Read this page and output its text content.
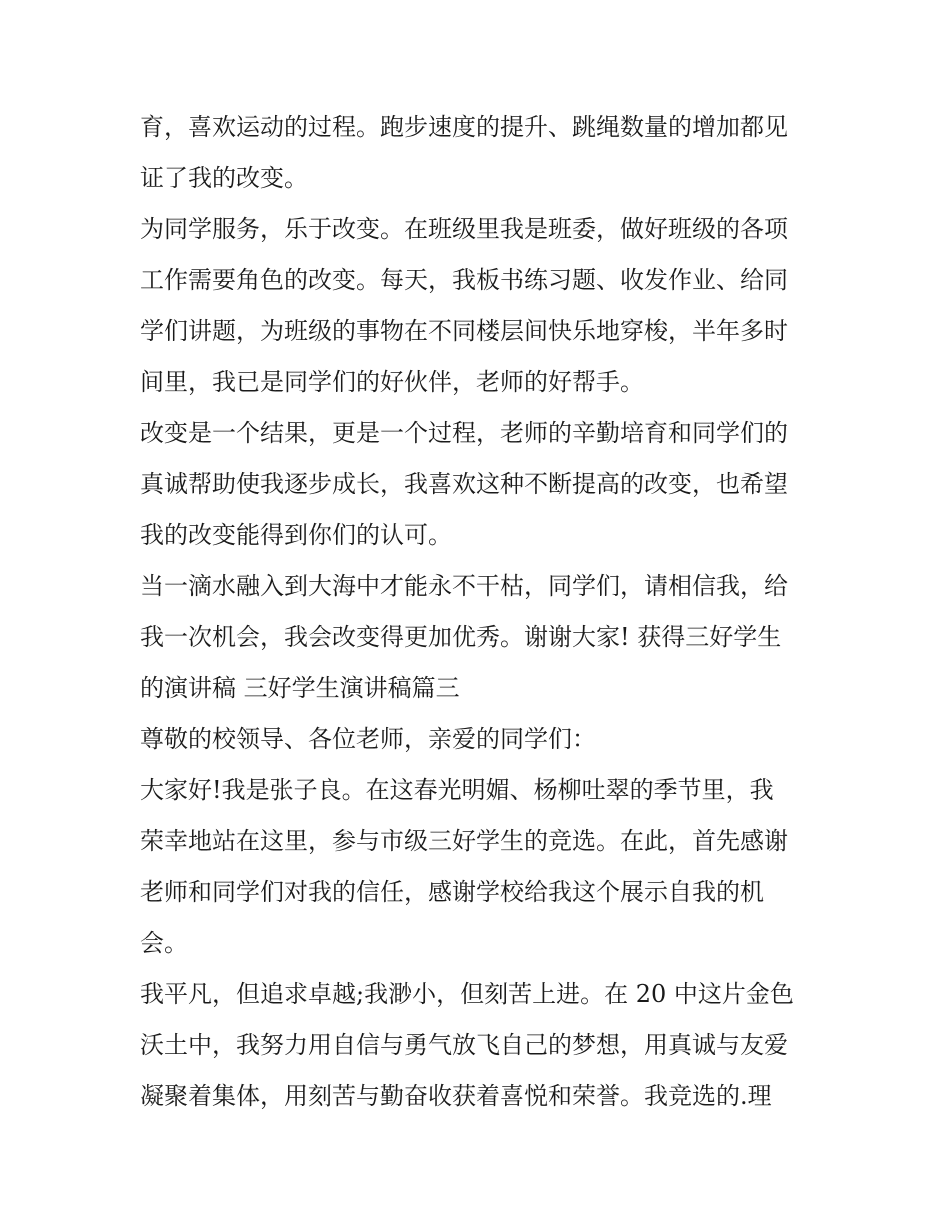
育，喜欢运动的过程。跑步速度的提升、跳绳数量的增加都见
证了我的改变。
为同学服务，乐于改变。在班级里我是班委，做好班级的各项
工作需要角色的改变。每天，我板书练习题、收发作业、给同
学们讲题，为班级的事物在不同楼层间快乐地穿梭，半年多时
间里，我已是同学们的好伙伴，老师的好帮手。
改变是一个结果，更是一个过程，老师的辛勤培育和同学们的
真诚帮助使我逐步成长，我喜欢这种不断提高的改变，也希望
我的改变能得到你们的认可。
当一滴水融入到大海中才能永不干枯，同学们，请相信我，给
我一次机会，我会改变得更加优秀。谢谢大家! 获得三好学生
的演讲稿 三好学生演讲稿篇三
尊敬的校领导、各位老师，亲爱的同学们：
大家好!我是张子良。在这春光明媚、杨柳吐翠的季节里，我
荣幸地站在这里，参与市级三好学生的竞选。在此，首先感谢
老师和同学们对我的信任，感谢学校给我这个展示自我的机
会。
我平凡，但追求卓越;我渺小，但刻苦上进。在 20 中这片金色
沃土中，我努力用自信与勇气放飞自己的梦想，用真诚与友爱
凝聚着集体，用刻苦与勤奋收获着喜悦和荣誉。我竞选的.理
